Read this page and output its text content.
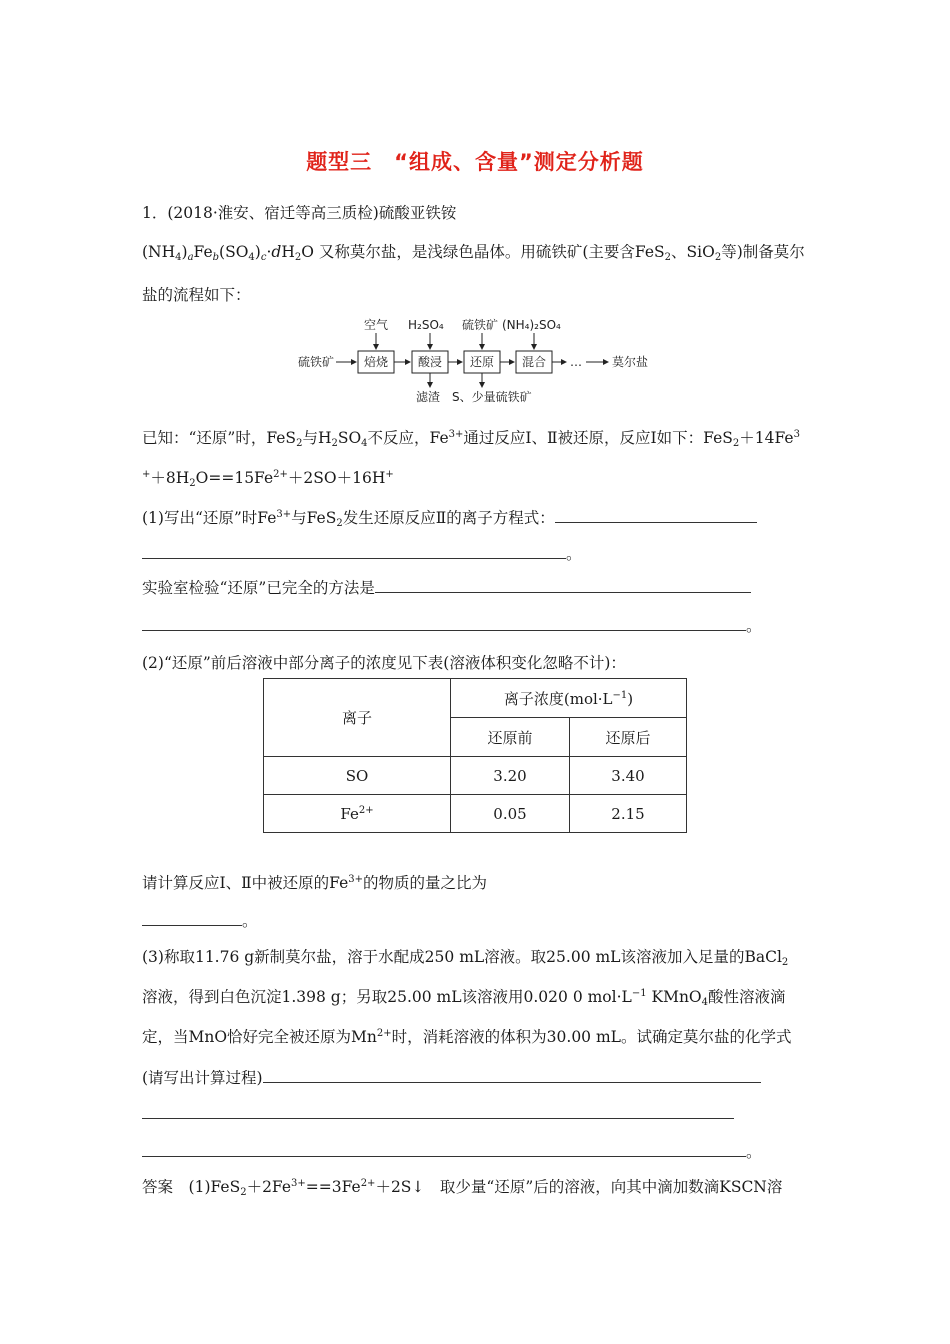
题型三　“组成、含量”测定分析题
1．(2018·淮安、宿迁等高三质检)硫酸亚铁铵
$(NH_4)_aFe_b(SO_4)_c\cdot dH_2O$ 又称莫尔盐，是浅绿色晶体。用硫铁矿(主要含FeS$_2$、SiO$_2$等)制备莫尔
盐的流程如下：
硫铁矿 焙烧 酸浸 还原 混合 …	莫尔盐
空气 H₂SO₄ 硫铁矿 (NH₄)₂SO₄
滤渣 S、少量硫铁矿
已知：“还原”时，FeS$_2$与$H_2SO_4$不反应，$Fe^{3+}$通过反应Ⅰ、Ⅱ被还原，反应Ⅰ如下：$FeS_2+14Fe^3$
$^++8H_2O==15Fe^{2+}+2SO+16H^+$
(1)写出“还原”时$Fe^{3+}$与FeS$_2$发生还原反应Ⅱ的离子方程式：
。
实验室检验“还原”已完全的方法是
。
(2)“还原”前后溶液中部分离子的浓度见下表(溶液体积变化忽略不计)：
离子	离子浓度$(mol\cdot L^{-1})$	
	还原前	还原后
SO	3.20	3.40
$Fe^{2+}$	0.05	2.15
请计算反应Ⅰ、Ⅱ中被还原的$Fe^{3+}$的物质的量之比为
。
(3)称取11.76 g新制莫尔盐，溶于水配成250 mL溶液。取25.00 mL该溶液加入足量的BaCl$_2$
溶液，得到白色沉淀1.398 g；另取25.00 mL该溶液用0.020 0 $mol\cdot L^{-1}$ KMnO$_4$酸性溶液滴
定，当MnO恰好完全被还原为$Mn^{2+}$时，消耗溶液的体积为30.00 mL。试确定莫尔盐的化学式
(请写出计算过程)
。
答案　 $(1)FeS_2+2Fe^{3+}==3Fe^{2+}+2S↓$　取少量“还原”后的溶液，向其中滴加数滴KSCN溶
